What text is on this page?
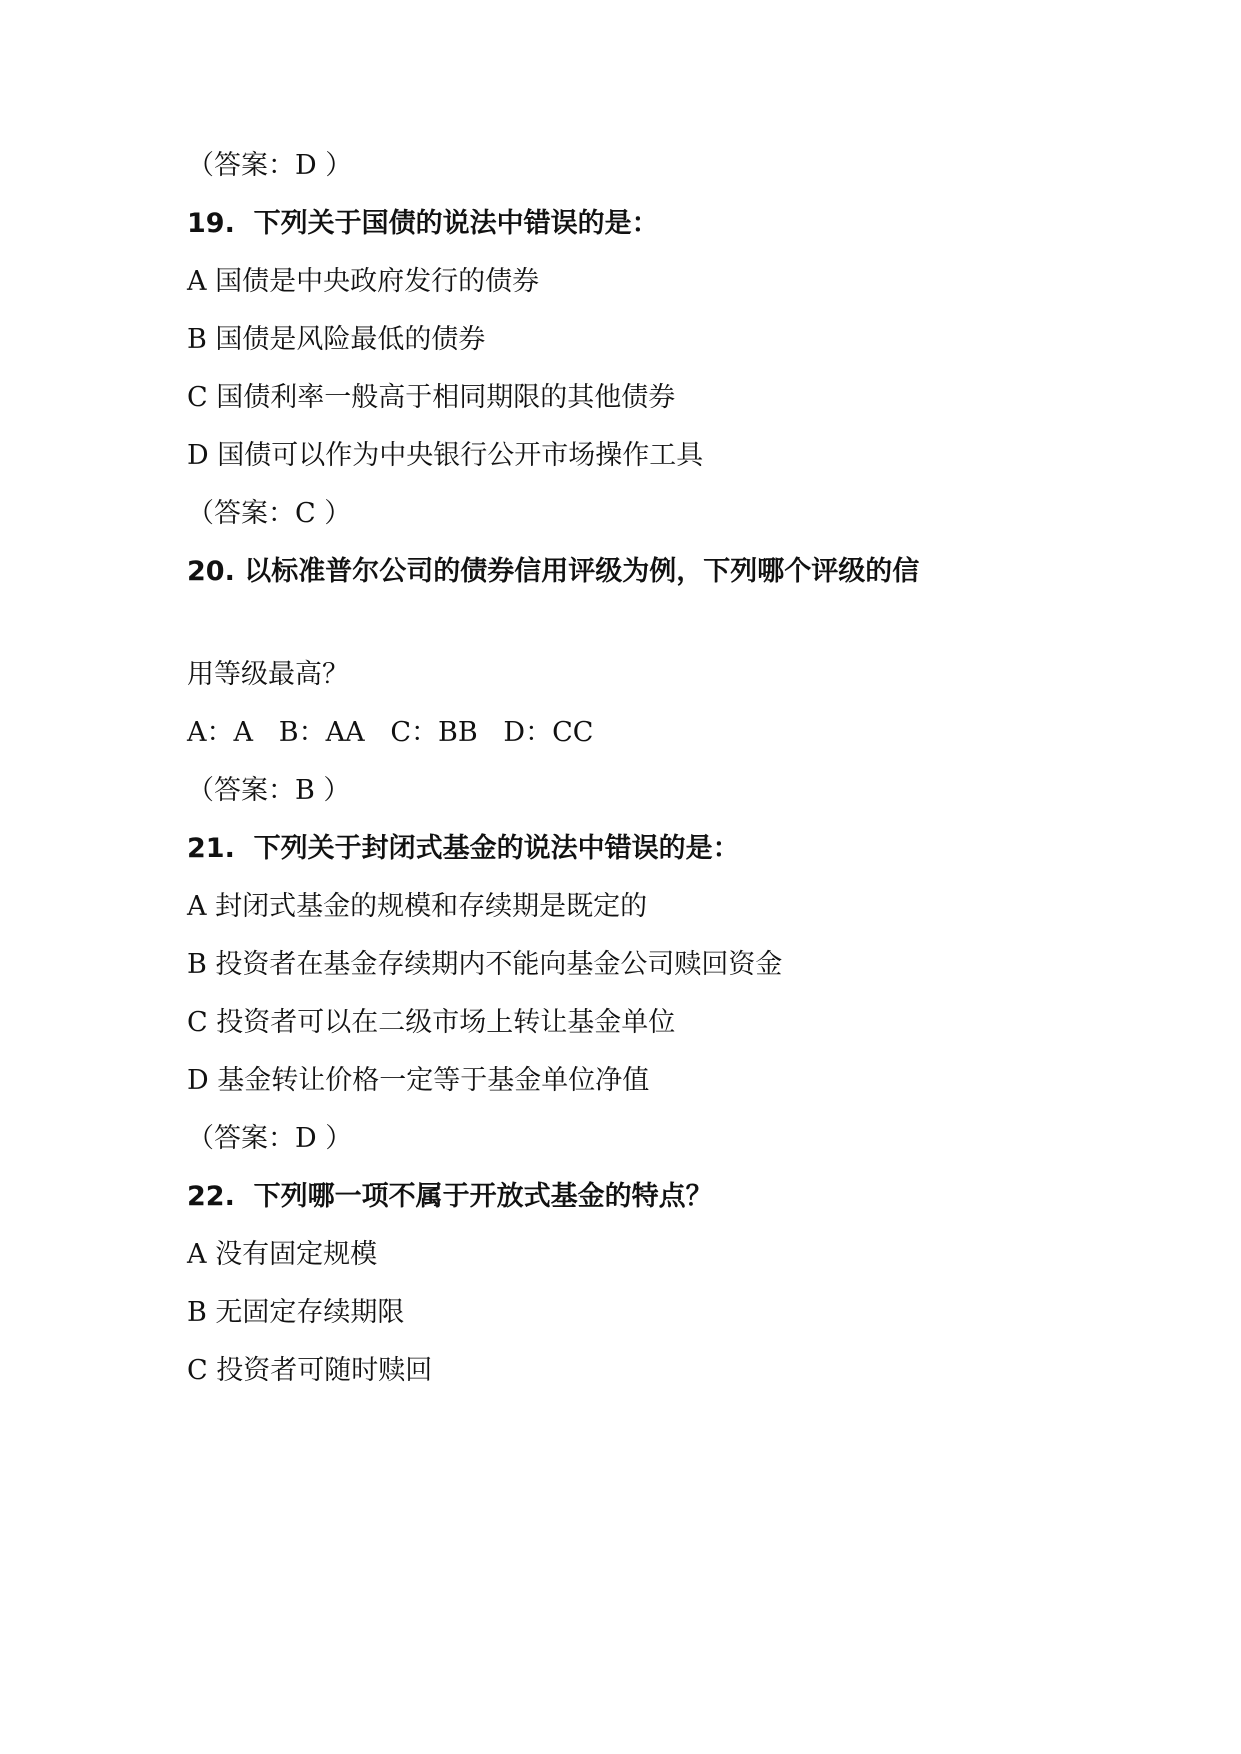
（答案：D ）
19.  下列关于国债的说法中错误的是：
A 国债是中央政府发行的债券
B 国债是风险最低的债券
C 国债利率一般高于相同期限的其他债券
D 国债可以作为中央银行公开市场操作工具
（答案：C ）
20. 以标准普尔公司的债券信用评级为例，下列哪个评级的信
用等级最高？
A：A   B：AA   C：BB   D：CC
（答案：B ）
21.  下列关于封闭式基金的说法中错误的是：
A 封闭式基金的规模和存续期是既定的
B 投资者在基金存续期内不能向基金公司赎回资金
C 投资者可以在二级市场上转让基金单位
D 基金转让价格一定等于基金单位净值
（答案：D ）
22.  下列哪一项不属于开放式基金的特点？
A 没有固定规模
B 无固定存续期限
C 投资者可随时赎回
